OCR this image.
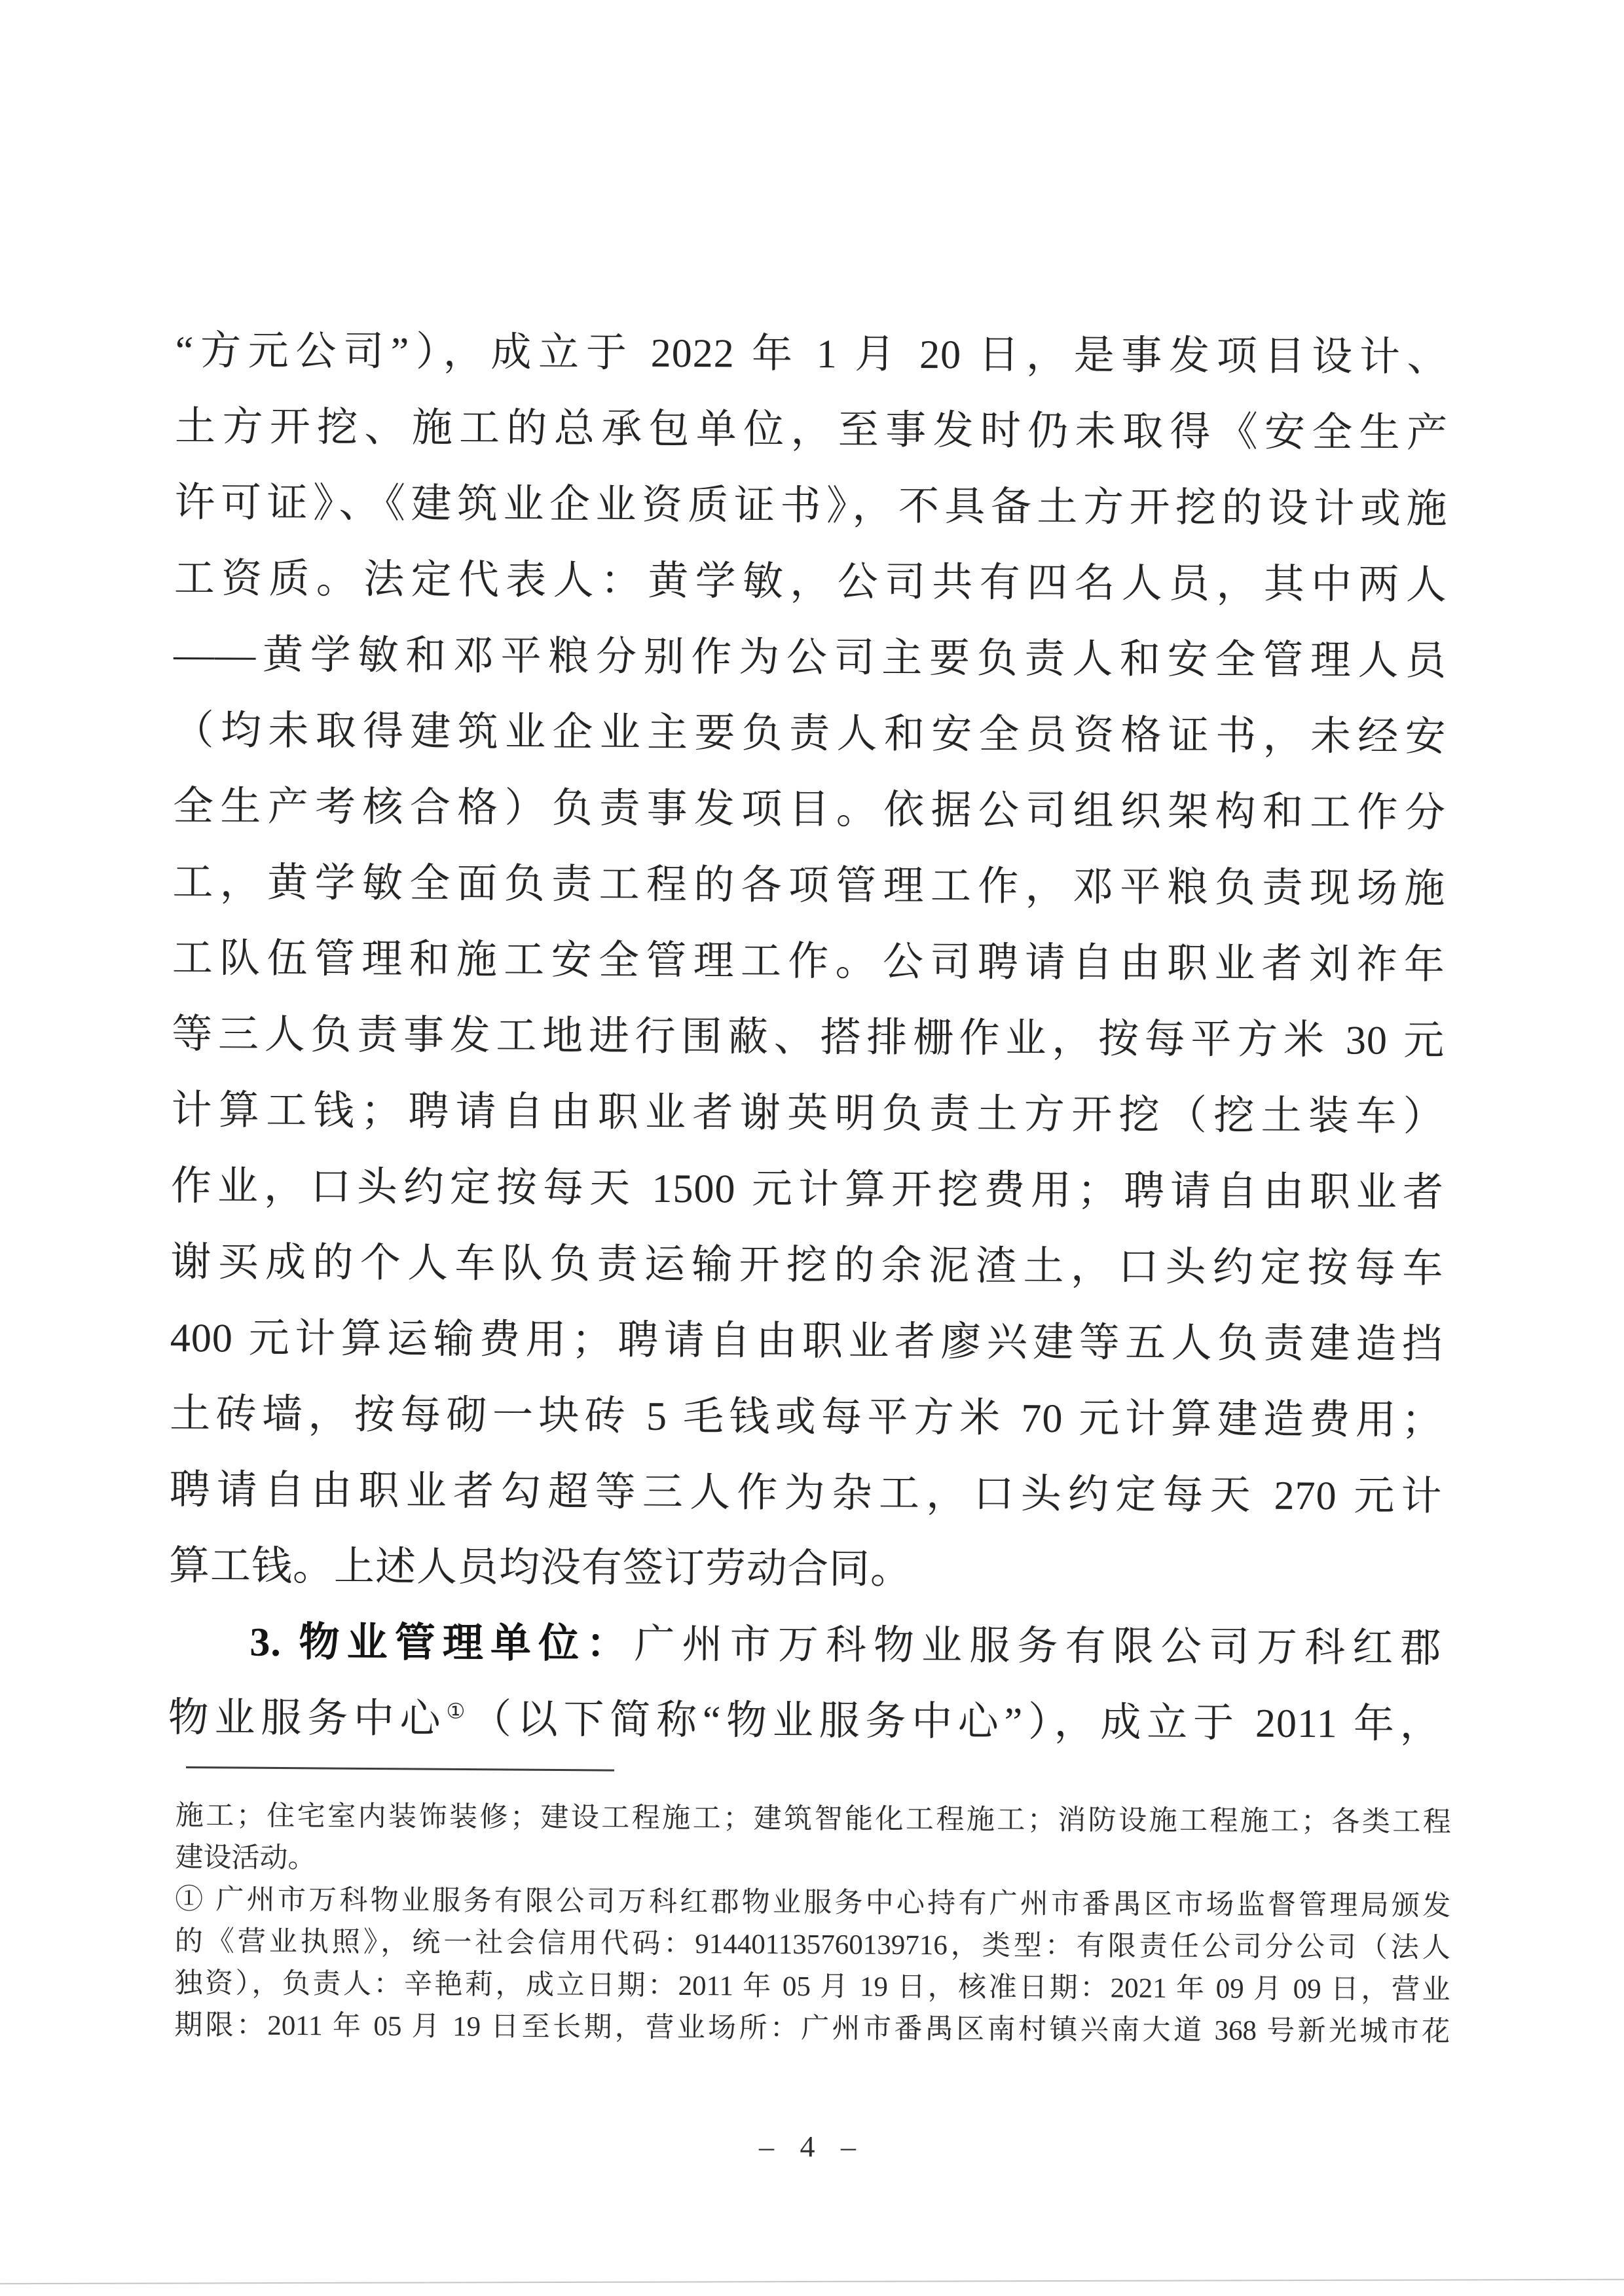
“方元公司”），成立于 2022 年 1 月 20 日，是事发项目设计、
土方开挖、施工的总承包单位，至事发时仍未取得《安全生产
许可证》、《建筑业企业资质证书》，不具备土方开挖的设计或施
工资质。法定代表人：黄学敏，公司共有四名人员，其中两人
——黄学敏和邓平粮分别作为公司主要负责人和安全管理人员
（均未取得建筑业企业主要负责人和安全员资格证书，未经安
全生产考核合格）负责事发项目。依据公司组织架构和工作分
工，黄学敏全面负责工程的各项管理工作，邓平粮负责现场施
工队伍管理和施工安全管理工作。公司聘请自由职业者刘祚年
等三人负责事发工地进行围蔽、搭排栅作业，按每平方米 30 元
计算工钱；聘请自由职业者谢英明负责土方开挖（挖土装车）
作业，口头约定按每天 1500 元计算开挖费用；聘请自由职业者
谢买成的个人车队负责运输开挖的余泥渣土，口头约定按每车
400 元计算运输费用；聘请自由职业者廖兴建等五人负责建造挡
土砖墙，按每砌一块砖 5 毛钱或每平方米 70 元计算建造费用；
聘请自由职业者勾超等三人作为杂工，口头约定每天 270 元计
算工钱。上述人员均没有签订劳动合同。
3. 物业管理单位：广州市万科物业服务有限公司万科红郡
物业服务中心①（以下简称“物业服务中心”），成立于 2011 年，
施工；住宅室内装饰装修；建设工程施工；建筑智能化工程施工；消防设施工程施工；各类工程
建设活动。
① 广州市万科物业服务有限公司万科红郡物业服务中心持有广州市番禺区市场监督管理局颁发
的《营业执照》，统一社会信用代码：914401135760139716，类型：有限责任公司分公司（法人
独资），负责人：辛艳莉，成立日期：2011 年 05 月 19 日，核准日期：2021 年 09 月 09 日，营业
期限：2011 年 05 月 19 日至长期，营业场所：广州市番禺区南村镇兴南大道 368 号新光城市花
– 4 –
